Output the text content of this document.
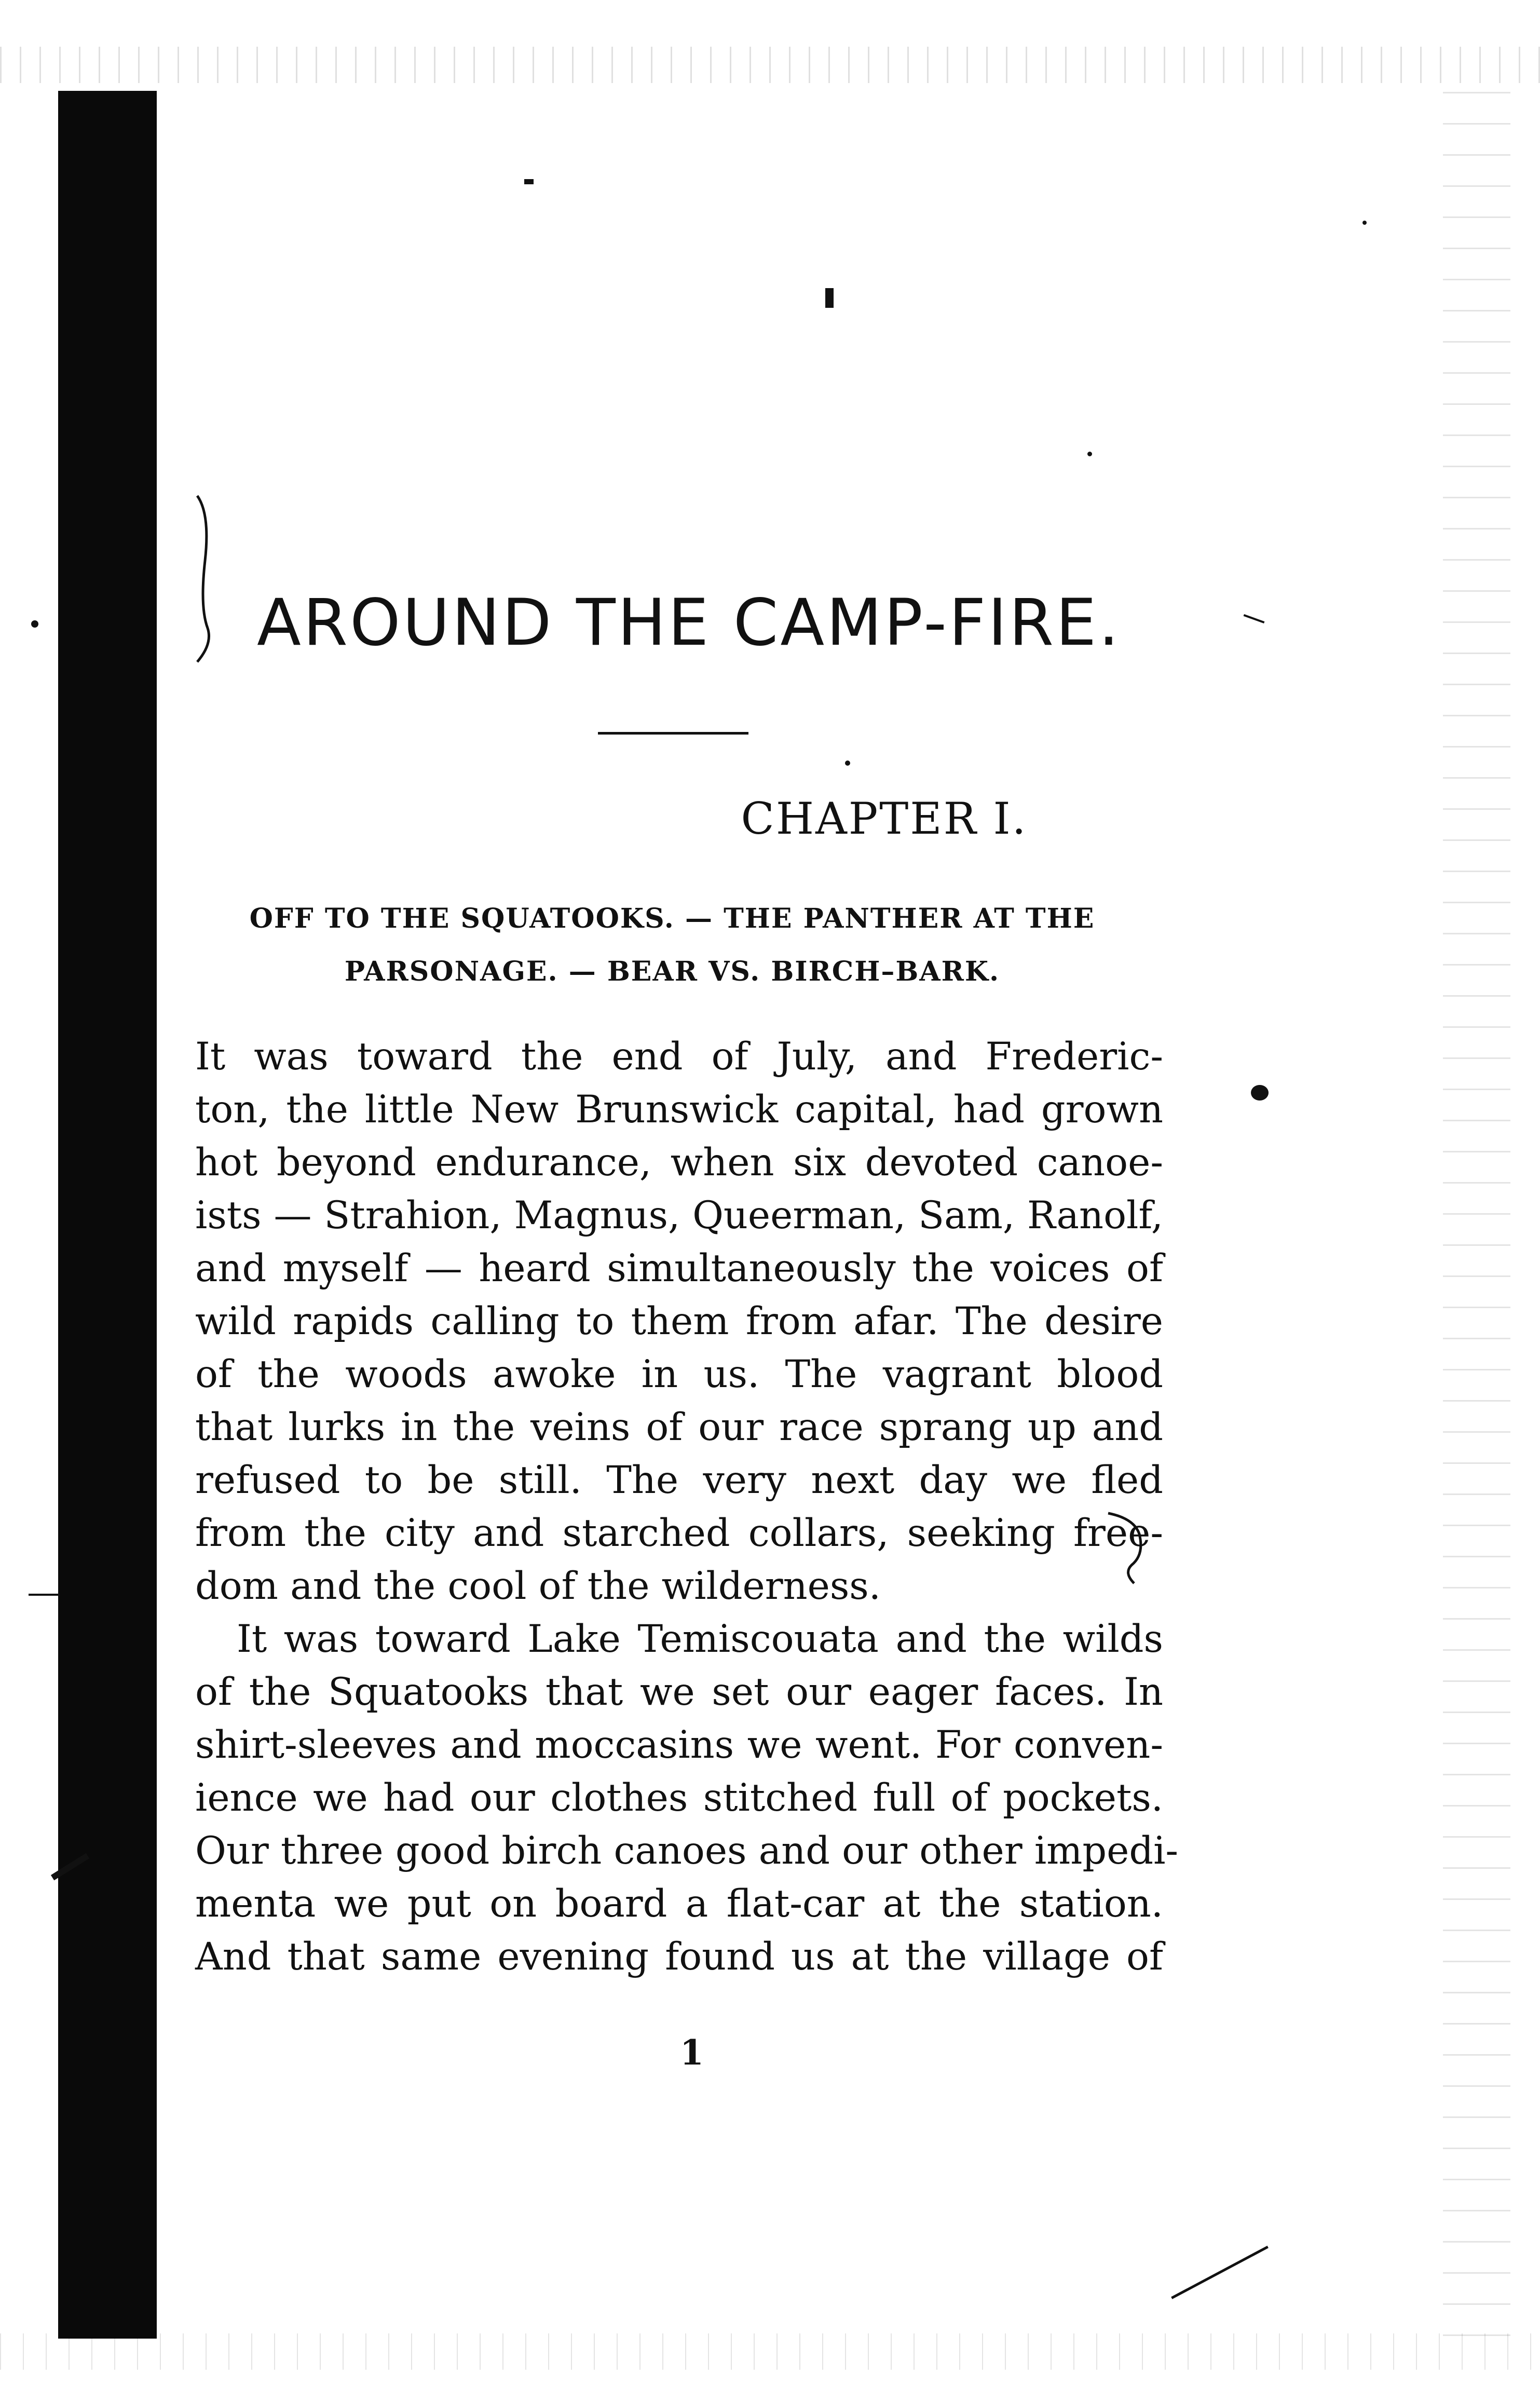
AROUND THE CAMP-FIRE.
CHAPTER I.
OFF TO THE SQUATOOKS. — THE PANTHER AT THE
PARSONAGE. — BEAR VS. BIRCH–BARK.
It was toward the end of July, and Frederic-
ton, the little New Brunswick capital, had grown
hot beyond endurance, when six devoted canoe-
ists — Strahion, Magnus, Queerman, Sam, Ranolf,
and myself — heard simultaneously the voices of
wild rapids calling to them from afar. The desire
of the woods awoke in us. The vagrant blood
that lurks in the veins of our race sprang up and
refused to be still. The very next day we fled
from the city and starched collars, seeking free-
dom and the cool of the wilderness.
It was toward Lake Temiscouata and the wilds
of the Squatooks that we set our eager faces. In
shirt-sleeves and moccasins we went. For conven-
ience we had our clothes stitched full of pockets.
Our three good birch canoes and our other impedi-
menta we put on board a flat-car at the station.
And that same evening found us at the village of

1
